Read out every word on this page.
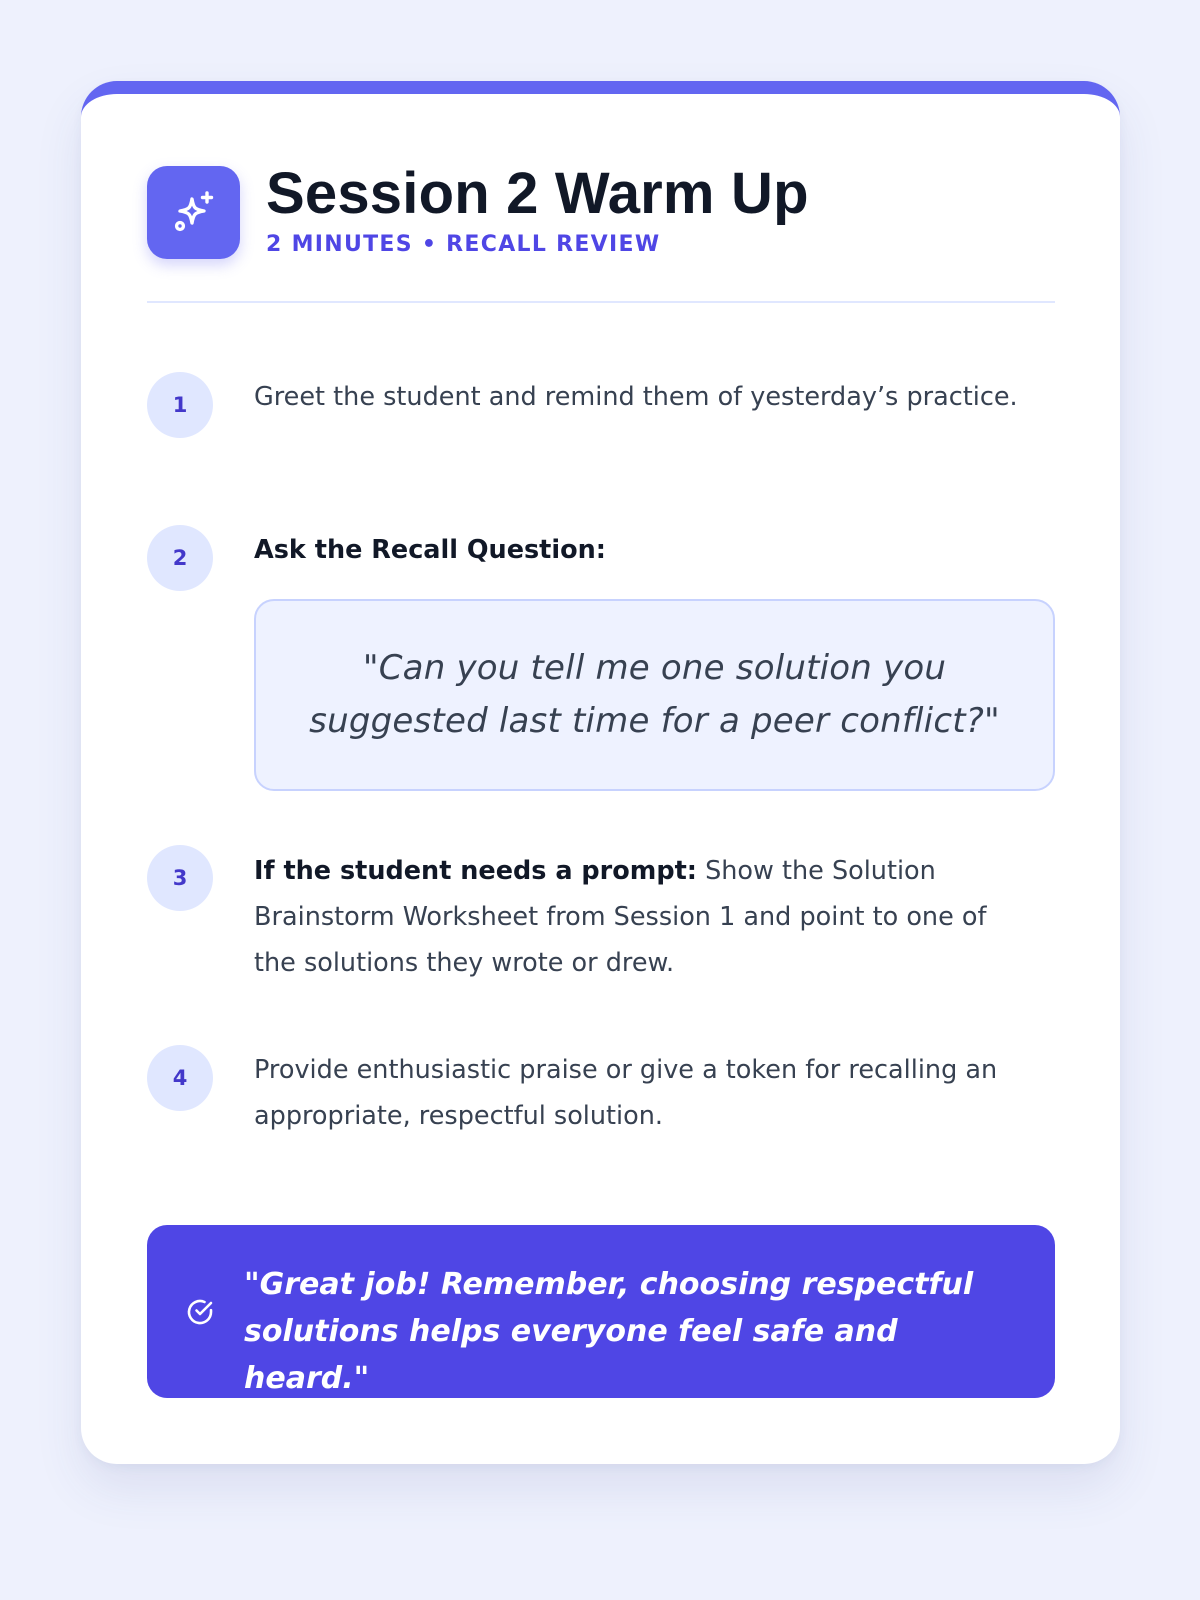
Session 2 Warm Up
2 MINUTES • RECALL REVIEW
1	Greet the student and remind them of yesterday’s practice.
2	Ask the Recall Question:
"Can you tell me one solution you suggested last time for a peer conflict?"
3	If the student needs a prompt: Show the Solution Brainstorm Worksheet from Session 1 and point to one of the solutions they wrote or drew.
4	Provide enthusiastic praise or give a token for recalling an appropriate, respectful solution.
"Great job! Remember, choosing respectful solutions helps everyone feel safe and heard."
